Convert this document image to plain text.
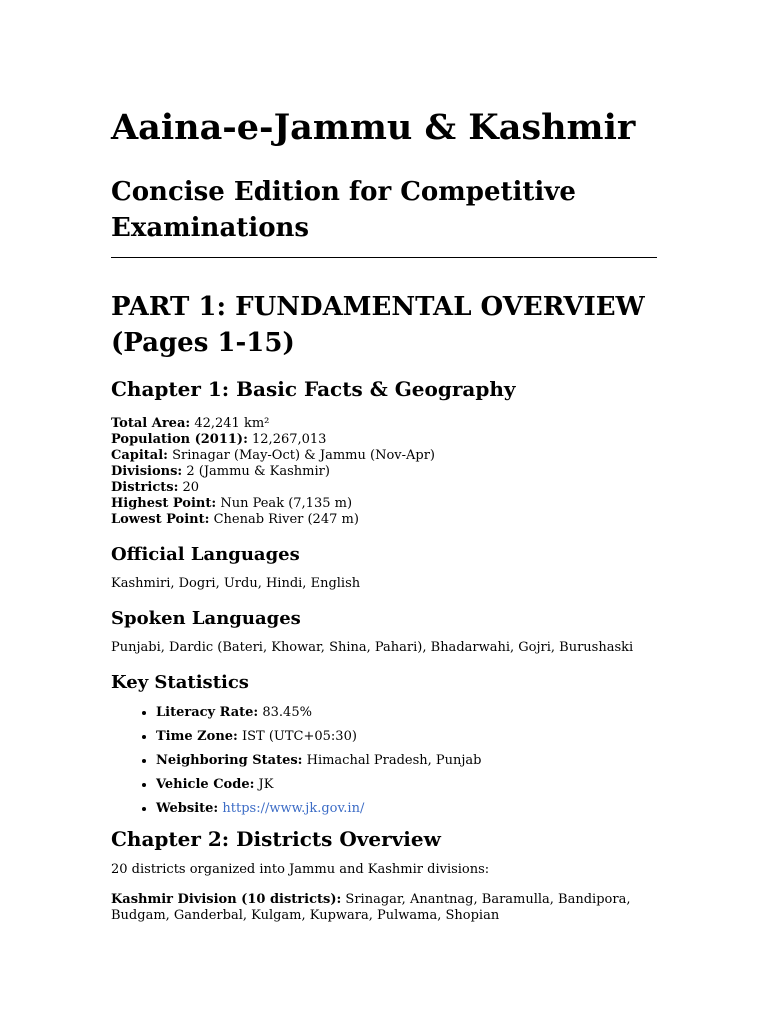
Aaina-e-Jammu & Kashmir
Concise Edition for Competitive Examinations
PART 1: FUNDAMENTAL OVERVIEW (Pages 1-15)
Chapter 1: Basic Facts & Geography
Total Area: 42,241 km²
Population (2011): 12,267,013
Capital: Srinagar (May-Oct) & Jammu (Nov-Apr)
Divisions: 2 (Jammu & Kashmir)
Districts: 20
Highest Point: Nun Peak (7,135 m)
Lowest Point: Chenab River (247 m)
Official Languages

Kashmiri, Dogri, Urdu, Hindi, English

Spoken Languages

Punjabi, Dardic (Bateri, Khowar, Shina, Pahari), Bhadarwahi, Gojri, Burushaski

Key Statistics
• Literacy Rate: 83.45%
• Time Zone: IST (UTC+05:30)
• Neighboring States: Himachal Pradesh, Punjab
• Vehicle Code: JK
• Website: https://www.jk.gov.in/
Chapter 2: Districts Overview

20 districts organized into Jammu and Kashmir divisions:

Kashmir Division (10 districts): Srinagar, Anantnag, Baramulla, Bandipora, Budgam, Ganderbal, Kulgam, Kupwara, Pulwama, Shopian
